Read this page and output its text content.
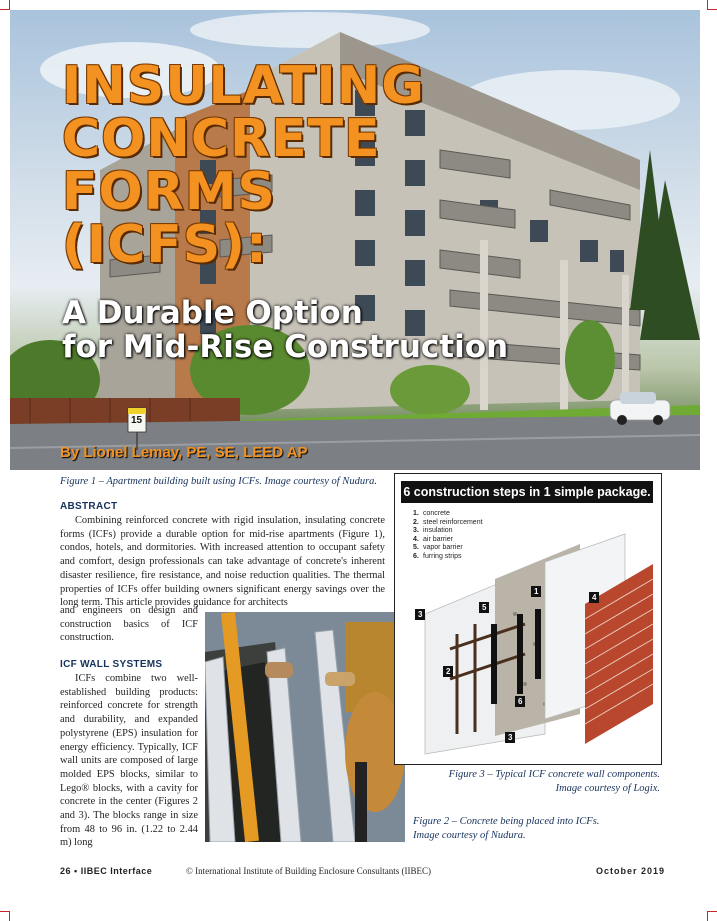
15
INSULATING
CONCRETE
FORMS
(ICFS):
A Durable Option
for Mid-Rise Construction
By Lionel Lemay, PE, SE, LEED AP
Figure 1 – Apartment building built using ICFs. Image courtesy of Nudura.
ABSTRACT

Combining reinforced concrete with rigid insulation, insulating concrete forms (ICFs) provide a durable option for mid-rise apartments (Figure 1), condos, hotels, and dormitories. With increased attention to occupant safety and comfort, design professionals can take advantage of concrete's inherent disaster resilience, fire resistance, and noise reduction qualities. The thermal properties of ICFs offer building owners significant energy savings over the long term. This article provides guidance for architects

and engineers on design and construction basics of ICF construction.

ICF WALL SYSTEMS

ICFs combine two well-established building products: reinforced concrete for strength and durability, and expanded polystyrene (EPS) insulation for energy efficiency. Typically, ICF wall units are composed of large molded EPS blocks, similar to Lego® blocks, with a cavity for concrete in the center (Figures 2 and 3). The blocks range in size from 48 to 96 in. (1.22 to 2.44 m) long

6 construction steps in 1 simple package.
1. concrete
2. steel reinforcement
3. insulation
4. air barrier
5. vapor barrier
6. furring strips
1
2
3
3
4
5
6
Figure 3 – Typical ICF concrete wall components.
Image courtesy of Logix.
Figure 2 – Concrete being placed into ICFs.
Image courtesy of Nudura.
26 • IIBEC Interface	© International Institute of Building Enclosure Consultants (IIBEC)	October 2019
